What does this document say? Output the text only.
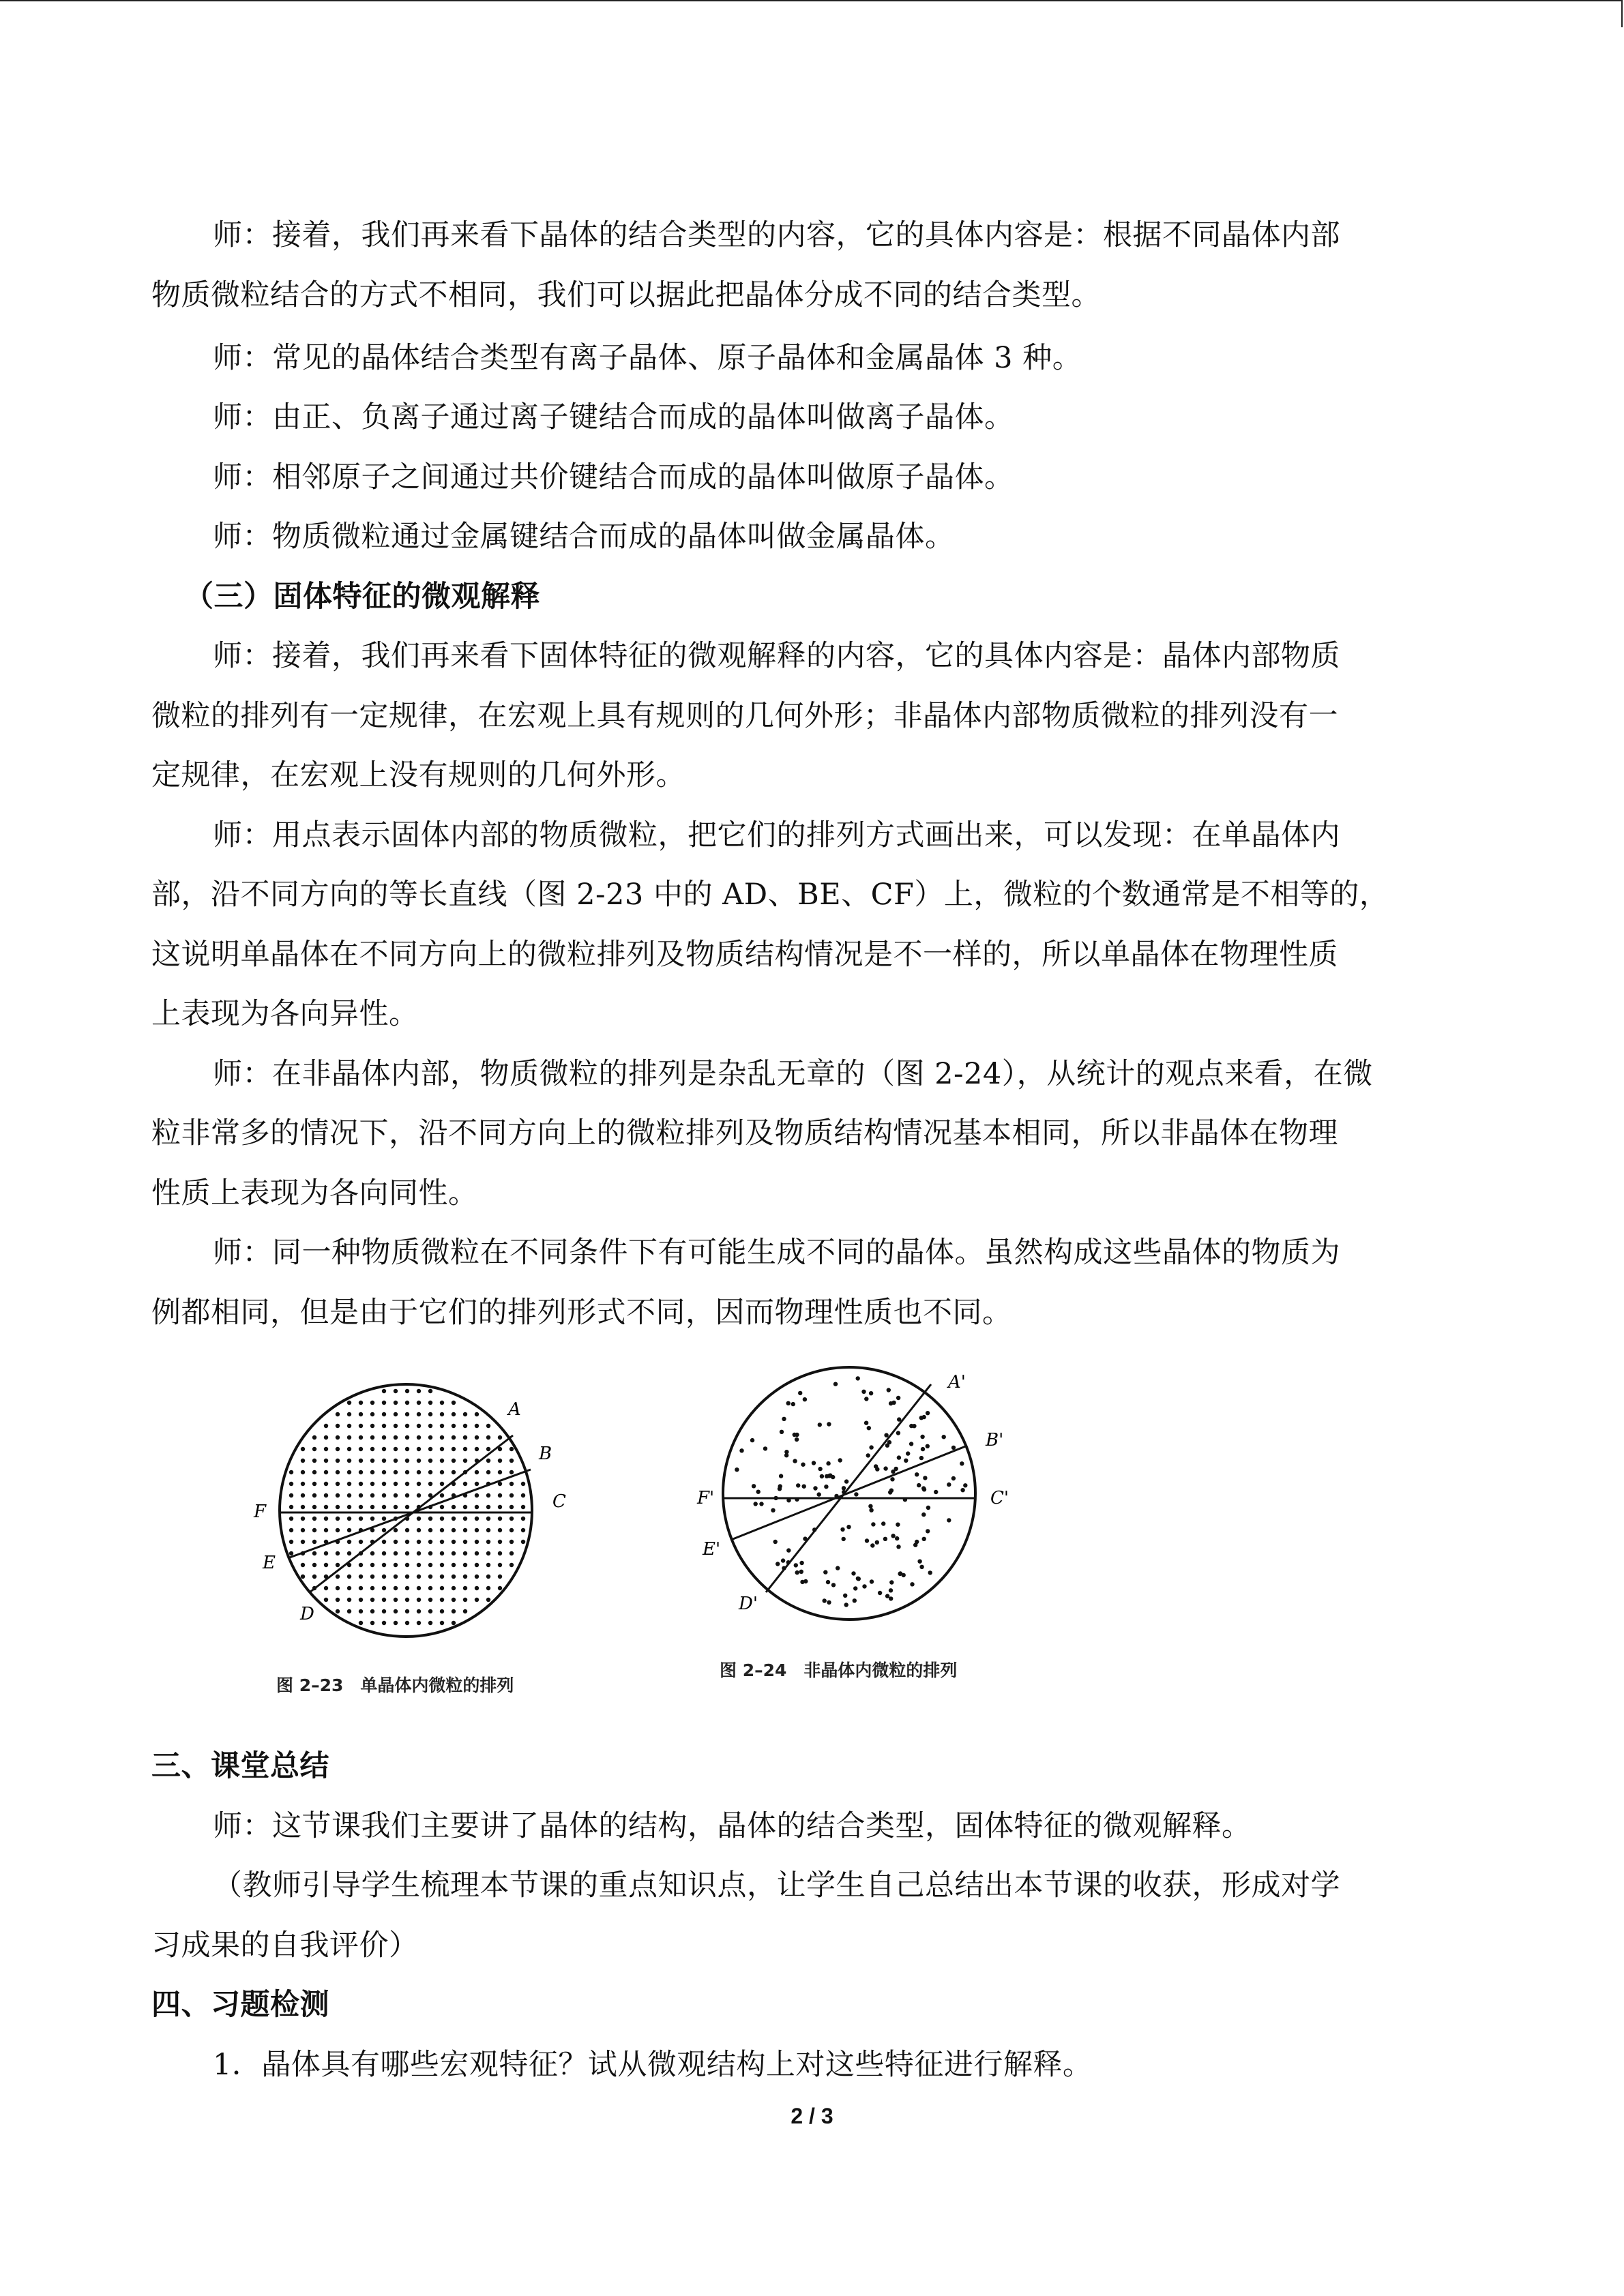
师：接着，我们再来看下晶体的结合类型的内容，它的具体内容是：根据不同晶体内部
物质微粒结合的方式不相同，我们可以据此把晶体分成不同的结合类型。
师：常见的晶体结合类型有离子晶体、原子晶体和金属晶体 3 种。
师：由正、负离子通过离子键结合而成的晶体叫做离子晶体。
师：相邻原子之间通过共价键结合而成的晶体叫做原子晶体。
师：物质微粒通过金属键结合而成的晶体叫做金属晶体。
（三）固体特征的微观解释
师：接着，我们再来看下固体特征的微观解释的内容，它的具体内容是：晶体内部物质
微粒的排列有一定规律，在宏观上具有规则的几何外形；非晶体内部物质微粒的排列没有一
定规律，在宏观上没有规则的几何外形。
师：用点表示固体内部的物质微粒，把它们的排列方式画出来，可以发现：在单晶体内
部，沿不同方向的等长直线（图 2-23 中的 AD、BE、CF）上，微粒的个数通常是不相等的，
这说明单晶体在不同方向上的微粒排列及物质结构情况是不一样的，所以单晶体在物理性质
上表现为各向异性。
师：在非晶体内部，物质微粒的排列是杂乱无章的（图 2-24），从统计的观点来看，在微
粒非常多的情况下，沿不同方向上的微粒排列及物质结构情况基本相同，所以非晶体在物理
性质上表现为各向同性。
师：同一种物质微粒在不同条件下有可能生成不同的晶体。虽然构成这些晶体的物质为
例都相同，但是由于它们的排列形式不同，因而物理性质也不同。
A
B
C
D
E
F
图 2–23　单晶体内微粒的排列
A'
B'
C'
D'
E'
F'
图 2–24　非晶体内微粒的排列
三、课堂总结
师：这节课我们主要讲了晶体的结构，晶体的结合类型，固体特征的微观解释。
（教师引导学生梳理本节课的重点知识点，让学生自己总结出本节课的收获，形成对学
习成果的自我评价）
四、习题检测
1．晶体具有哪些宏观特征？试从微观结构上对这些特征进行解释。
2 / 3
